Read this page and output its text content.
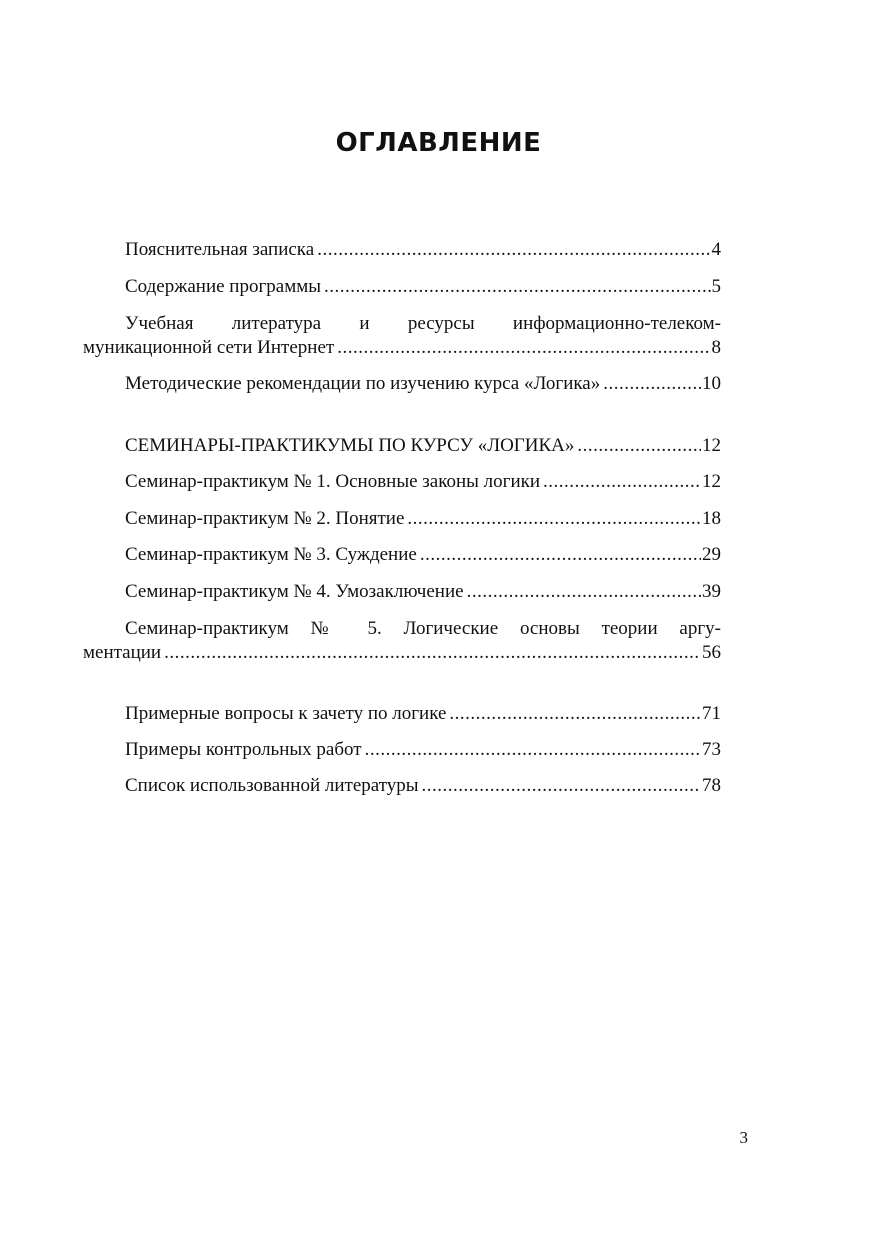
ОГЛАВЛЕНИЕ
Пояснительная записка .....	4
Содержание программы .....	5
Учебная литература и ресурсы информационно-телеком-
муникационной сети Интернет .....	8
Методические рекомендации по изучению курса «Логика» .....	10
СЕМИНАРЫ-ПРАКТИКУМЫ ПО КУРСУ «ЛОГИКА» .....	12
Семинар-практикум № 1. Основные законы логики .....	12
Семинар-практикум № 2. Понятие .....	18
Семинар-практикум № 3. Суждение .....	29
Семинар-практикум № 4. Умозаключение .....	39
Семинар-практикум № 5. Логические основы теории аргу-
ментации .....	56
Примерные вопросы к зачету по логике .....	71
Примеры контрольных работ .....	73
Список использованной литературы .....	78
3
